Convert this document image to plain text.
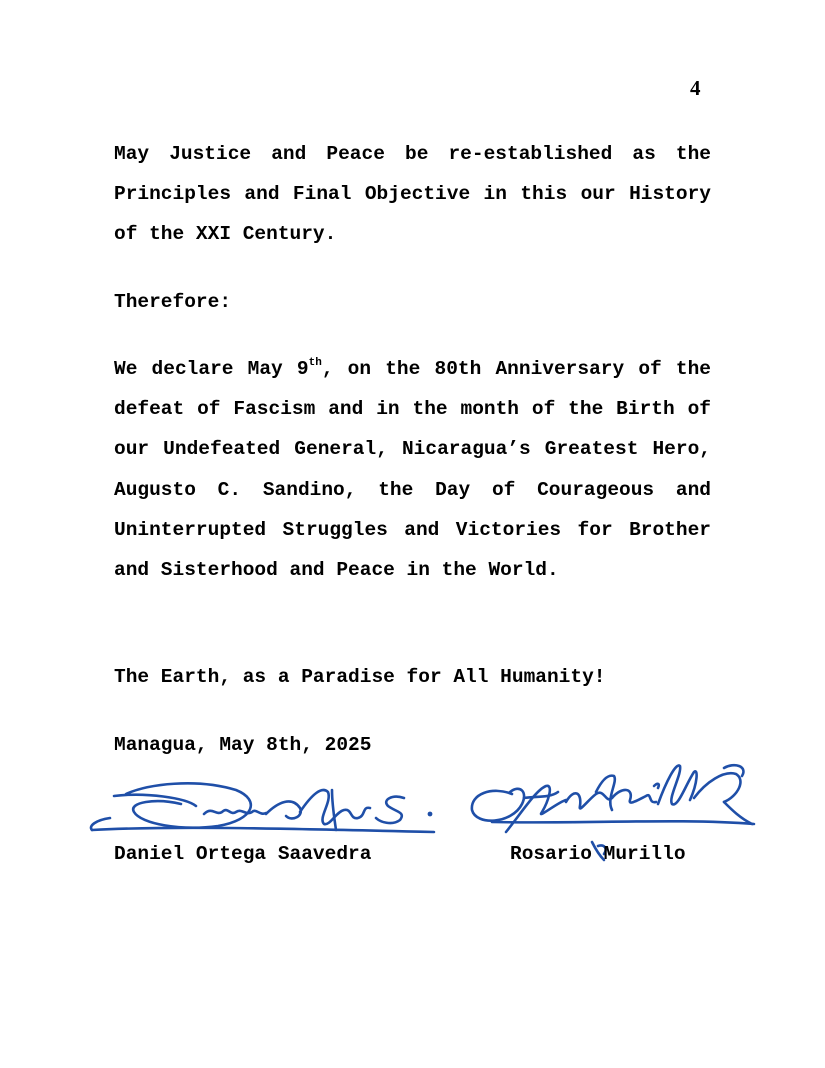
4

May Justice and Peace be re-established as the Principles and Final Objective in this our History of the XXI Century.

Therefore:

We declare May 9th, on the 80th Anniversary of the defeat of Fascism and in the month of the Birth of our Undefeated General, Nicaragua’s Greatest Hero, Augusto C. Sandino, the Day of Courageous and Uninterrupted Struggles and Victories for Brother and Sisterhood and Peace in the World.

The Earth, as a Paradise for All Humanity!

Managua, May 8th, 2025

Daniel Ortega Saavedra	Rosario Murillo
